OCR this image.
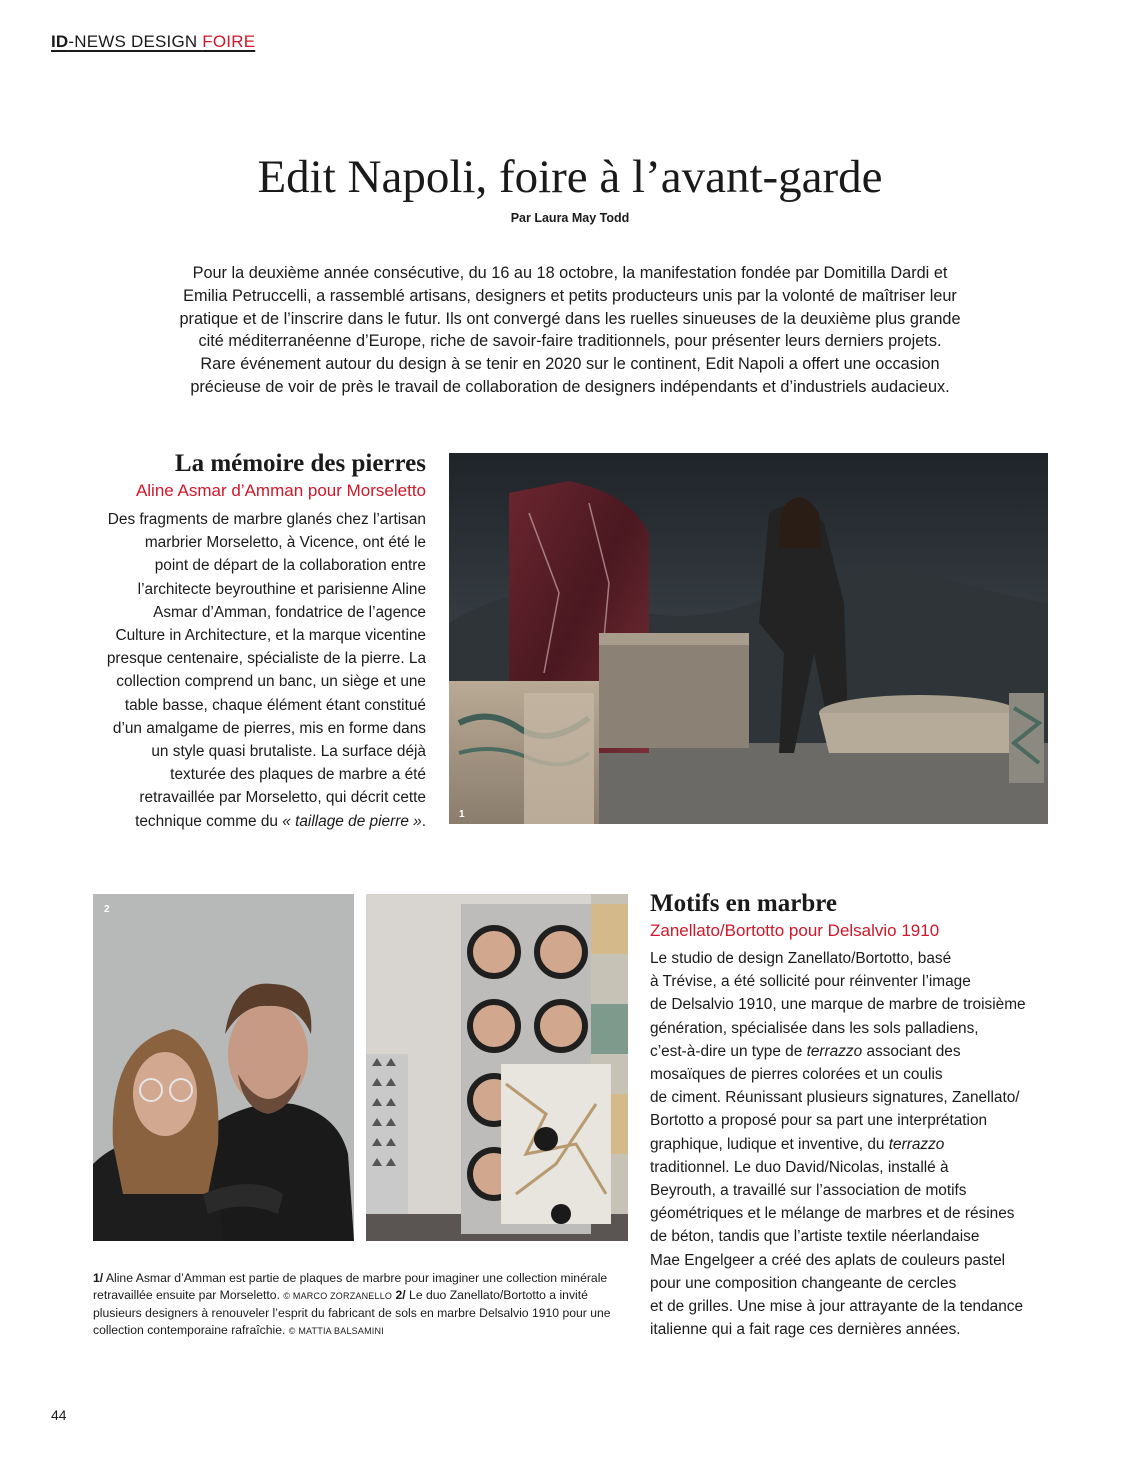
ID-NEWS DESIGN FOIRE
Edit Napoli, foire à l’avant-garde
Par Laura May Todd

Pour la deuxième année consécutive, du 16 au 18 octobre, la manifestation fondée par Domitilla Dardi et

Emilia Petruccelli, a rassemblé artisans, designers et petits producteurs unis par la volonté de maîtriser leur

pratique et de l’inscrire dans le futur. Ils ont convergé dans les ruelles sinueuses de la deuxième plus grande

cité méditerranéenne d’Europe, riche de savoir-faire traditionnels, pour présenter leurs derniers projets.

Rare événement autour du design à se tenir en 2020 sur le continent, Edit Napoli a offert une occasion

précieuse de voir de près le travail de collaboration de designers indépendants et d’industriels audacieux.

La mémoire des pierres
Aline Asmar d’Amman pour Morseletto

Des fragments de marbre glanés chez l’artisan

marbrier Morseletto, à Vicence, ont été le

point de départ de la collaboration entre

l’architecte beyrouthine et parisienne Aline

Asmar d’Amman, fondatrice de l’agence

Culture in Architecture, et la marque vicentine

presque centenaire, spécialiste de la pierre. La

collection comprend un banc, un siège et une

table basse, chaque élément étant constitué

d’un amalgame de pierres, mis en forme dans

un style quasi brutaliste. La surface déjà

texturée des plaques de marbre a été

retravaillée par Morseletto, qui décrit cette

technique comme du « taillage de pierre ».	1
2	Motifs en marbre
Zanellato/Bortotto pour Delsalvio 1910

Le studio de design Zanellato/Bortotto, basé

à Trévise, a été sollicité pour réinventer l’image

de Delsalvio 1910, une marque de marbre de troisième

génération, spécialisée dans les sols palladiens,

c’est-à-dire un type de terrazzo associant des

mosaïques de pierres colorées et un coulis

de ciment. Réunissant plusieurs signatures, Zanellato/

Bortotto a proposé pour sa part une interprétation

graphique, ludique et inventive, du terrazzo

traditionnel. Le duo David/Nicolas, installé à

Beyrouth, a travaillé sur l’association de motifs

géométriques et le mélange de marbres et de résines

de béton, tandis que l’artiste textile néerlandaise

Mae Engelgeer a créé des aplats de couleurs pastel

pour une composition changeante de cercles

et de grilles. Une mise à jour attrayante de la tendance

italienne qui a fait rage ces dernières années.

1/ Aline Asmar d’Amman est partie de plaques de marbre pour imaginer une collection minérale retravaillée ensuite par Morseletto. © MARCO ZORZANELLO 2/ Le duo Zanellato/Bortotto a invité plusieurs designers à renouveler l’esprit du fabricant de sols en marbre Delsalvio 1910 pour une collection contemporaine rafraîchie. © MATTIA BALSAMINI
44
